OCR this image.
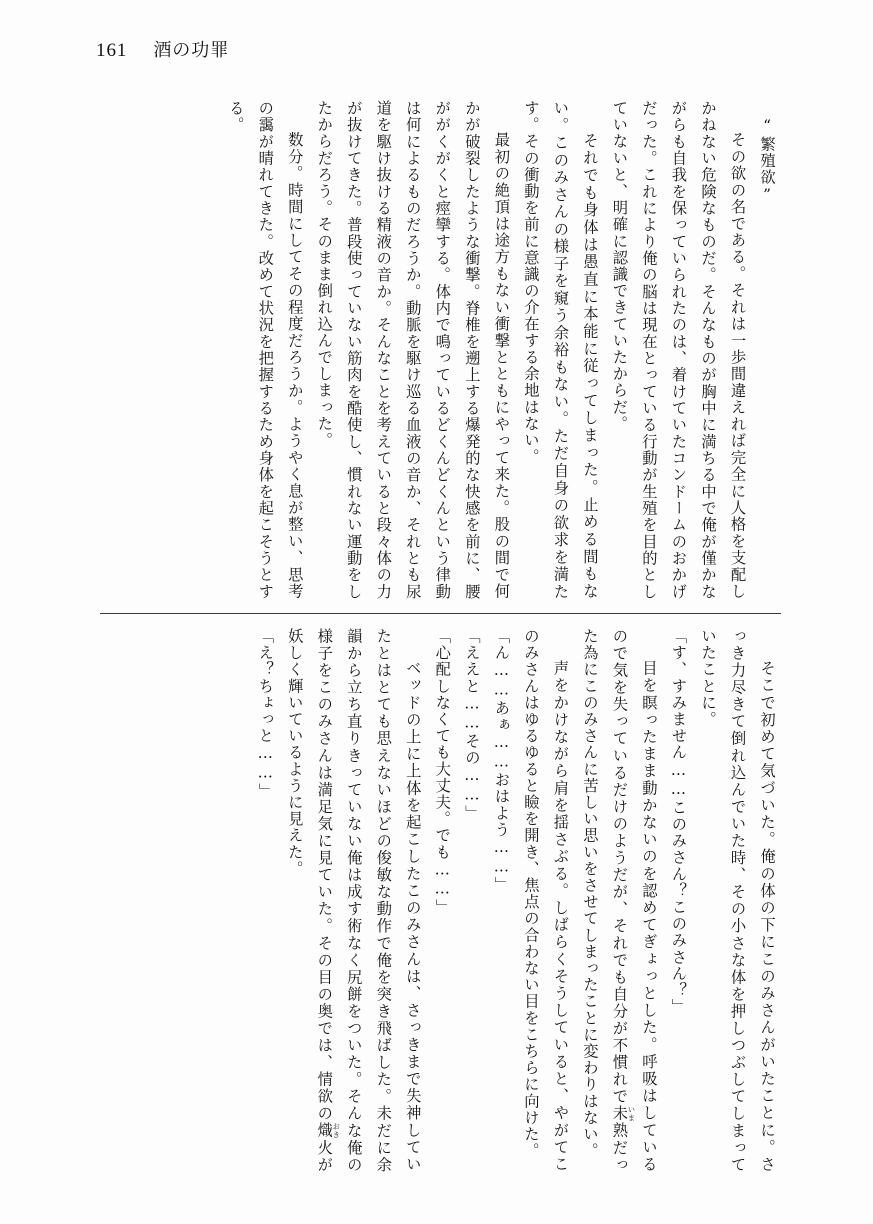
161 酒の功罪

　“繁殖欲”

　その欲の名である。それは一歩間違えれば完全に人格を支配しかねない危険なものだ。そんなものが胸中に満ちる中で俺が僅かながらも自我を保っていられたのは、着けていたコンドームのおかげだった。これにより俺の脳は現在とっている行動が生殖を目的としていないと、明確に認識できていたからだ。

　それでも身体は愚直に本能に従ってしまった。止める間もない。このみさんの様子を窺う余裕もない。ただ自身の欲求を満たす。その衝動を前に意識の介在する余地はない。

　最初の絶頂は途方もない衝撃とともにやって来た。股の間で何かが破裂したような衝撃。脊椎を遡上する爆発的な快感を前に、腰ががくがくと痙攣する。体内で鳴っているどくんどくんという律動は何によるものだろうか。動脈を駆け巡る血液の音か、それとも尿道を駆け抜ける精液の音か。そんなことを考えていると段々体の力が抜けてきた。普段使っていない筋肉を酷使し、慣れない運動をしたからだろう。そのまま倒れ込んでしまった。

　数分。時間にしてその程度だろうか。ようやく息が整い、思考の靄が晴れてきた。改めて状況を把握するため身体を起こそうとする。

　そこで初めて気づいた。俺の体の下にこのみさんがいたことに。さっき力尽きて倒れ込んでいた時、その小さな体を押しつぶしてしまっていたことに。

「す、すみません……このみさん？このみさん？」

　目を瞑ったまま動かないのを認めてぎょっとした。呼吸はしているので気を失っているだけのようだが、それでも自分が不慣れで未いま熟だった為にこのみさんに苦しい思いをさせてしまったことに変わりはない。

　声をかけながら肩を揺さぶる。しばらくそうしていると、やがてこのみさんはゆるゆると瞼を開き、焦点の合わない目をこちらに向けた。

「ん……あぁ……おはよう……」

「ええと……その……」

「心配しなくても大丈夫。でも……」

　ベッドの上に上体を起こしたこのみさんは、さっきまで失神していたとはとても思えないほどの俊敏な動作で俺を突き飛ばした。未だに余韻から立ち直りきっていない俺は成す術なく尻餅をついた。そんな俺の様子をこのみさんは満足気に見ていた。その目の奥では、情欲の熾おき火が妖しく輝いているように見えた。

「え？ちょっと……」
